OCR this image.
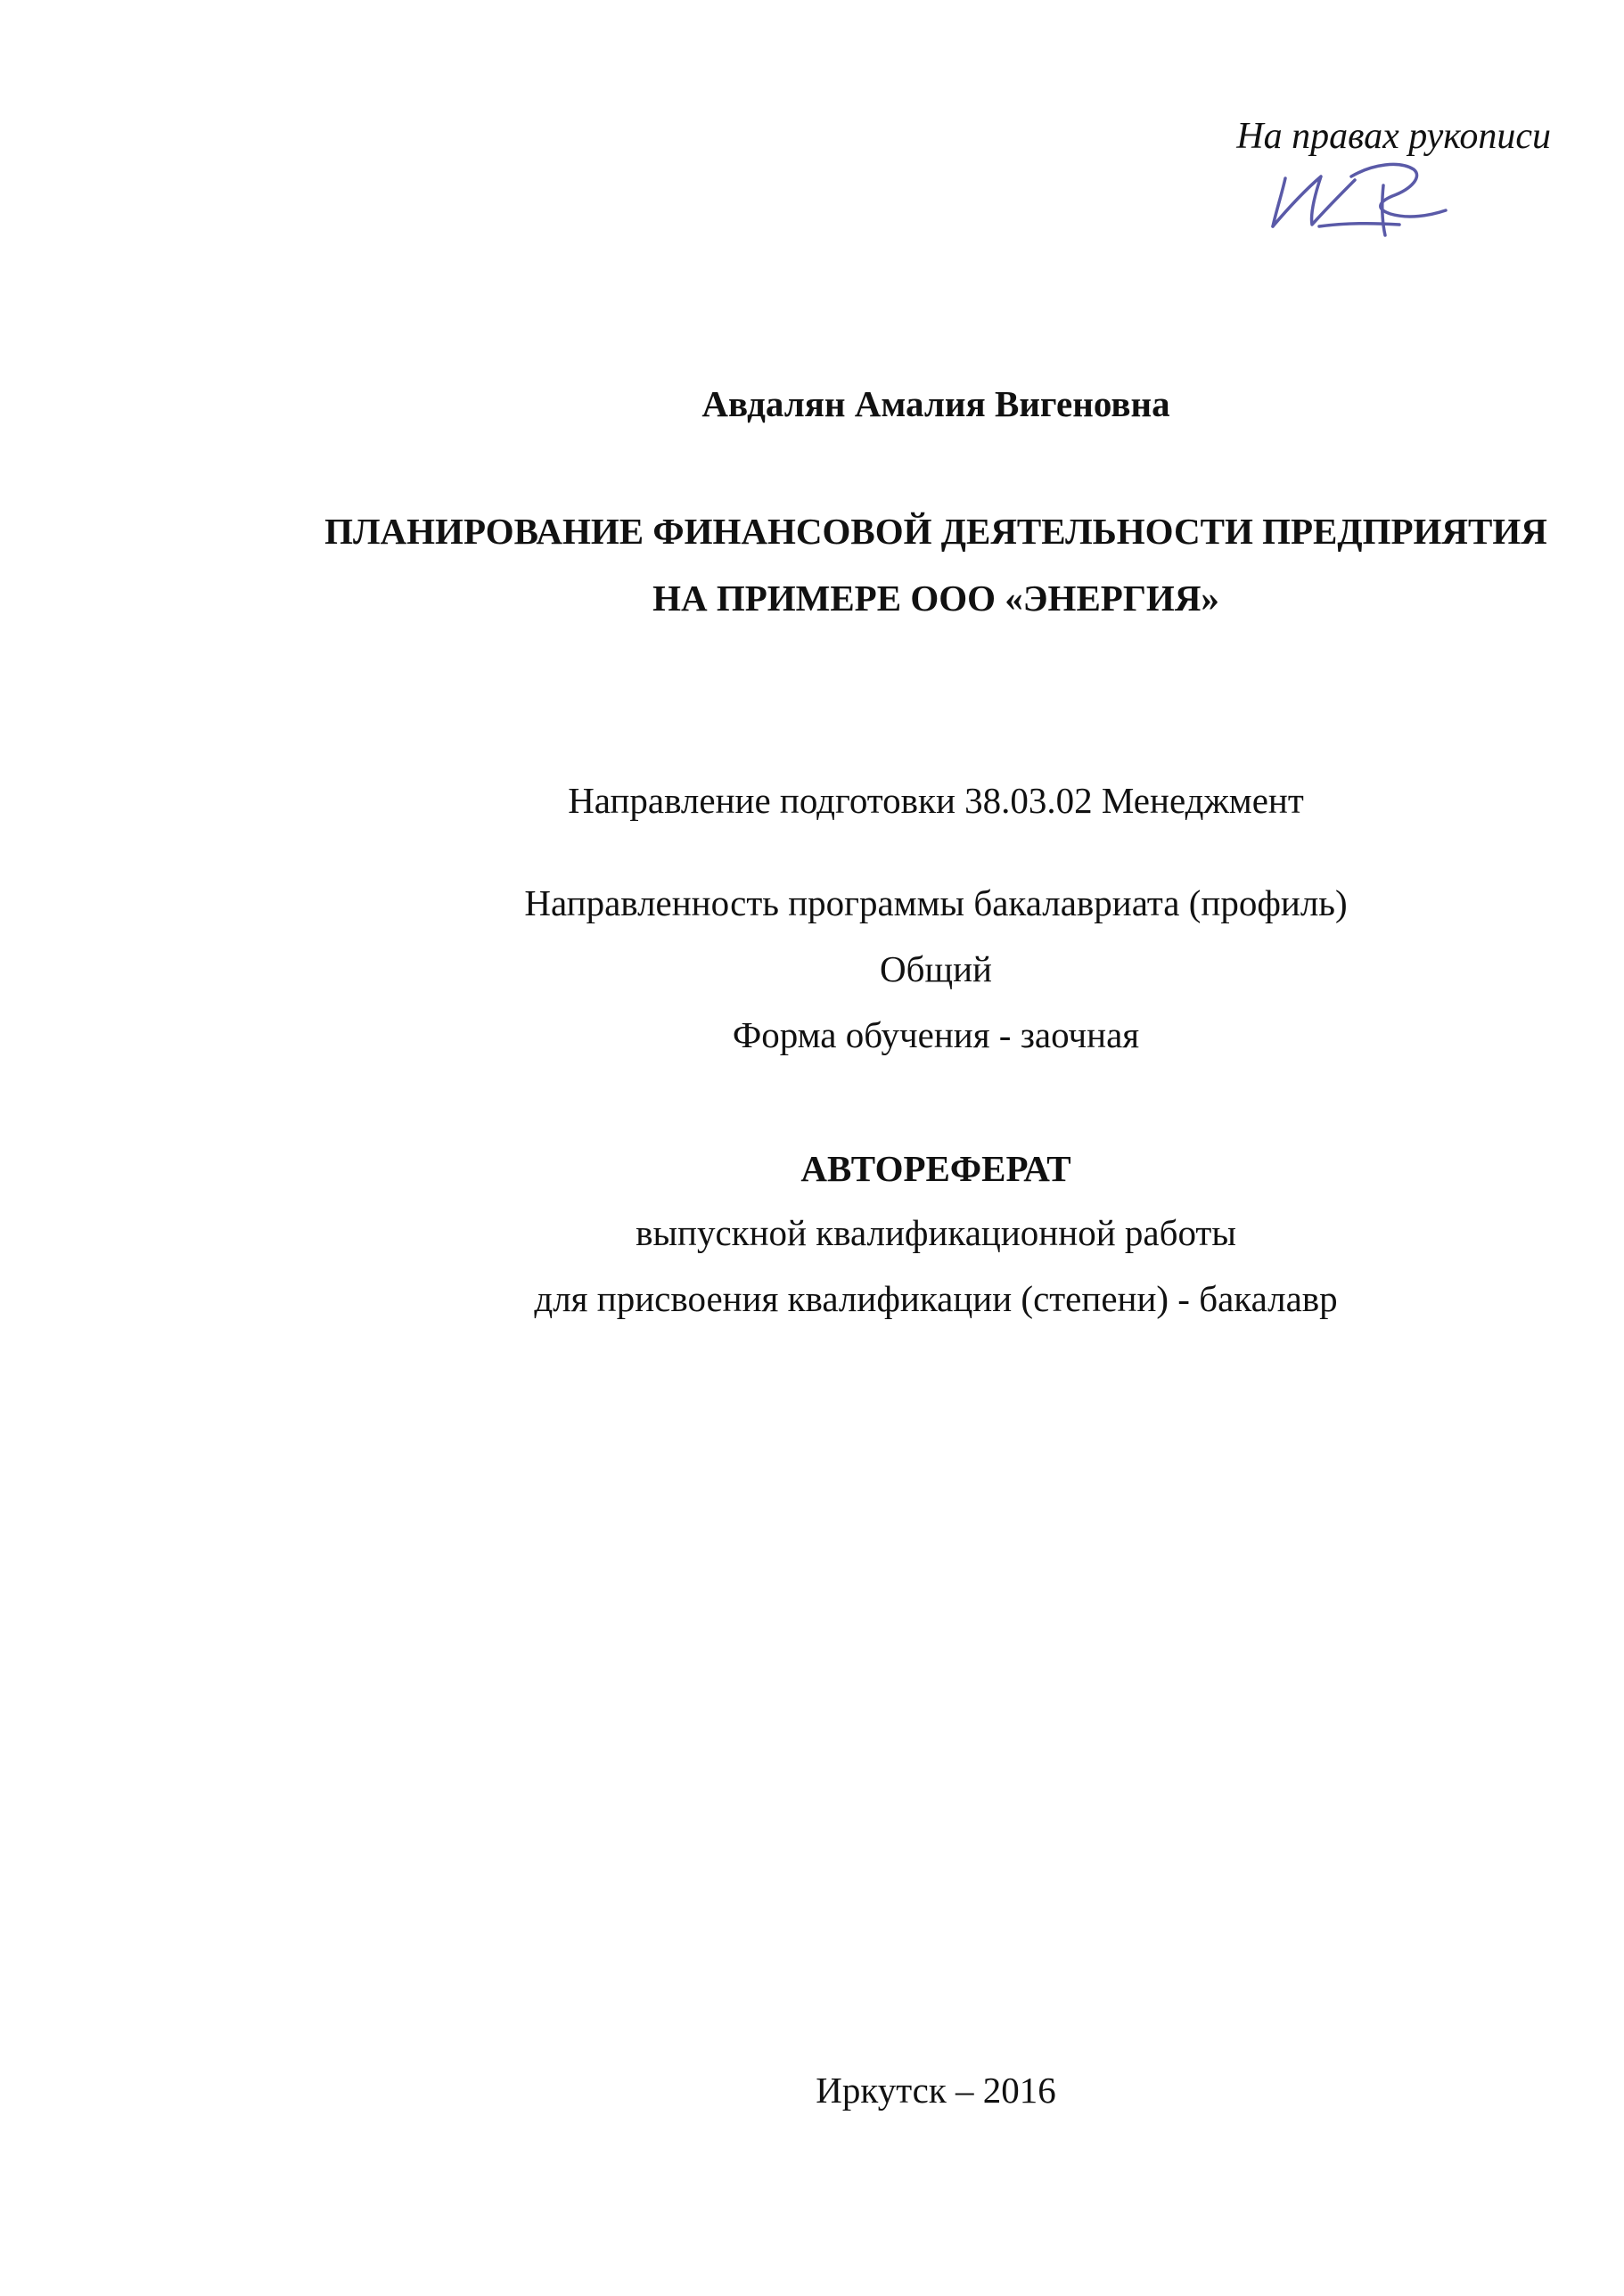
На правах рукописи
Авдалян Амалия Вигеновна
ПЛАНИРОВАНИЕ ФИНАНСОВОЙ ДЕЯТЕЛЬНОСТИ ПРЕДПРИЯТИЯ
НА ПРИМЕРЕ ООО «ЭНЕРГИЯ»
Направление подготовки 38.03.02 Менеджмент
Направленность программы бакалавриата (профиль)
Общий
Форма обучения - заочная
АВТОРЕФЕРАТ
выпускной квалификационной работы
для присвоения квалификации (степени) - бакалавр
Иркутск – 2016
